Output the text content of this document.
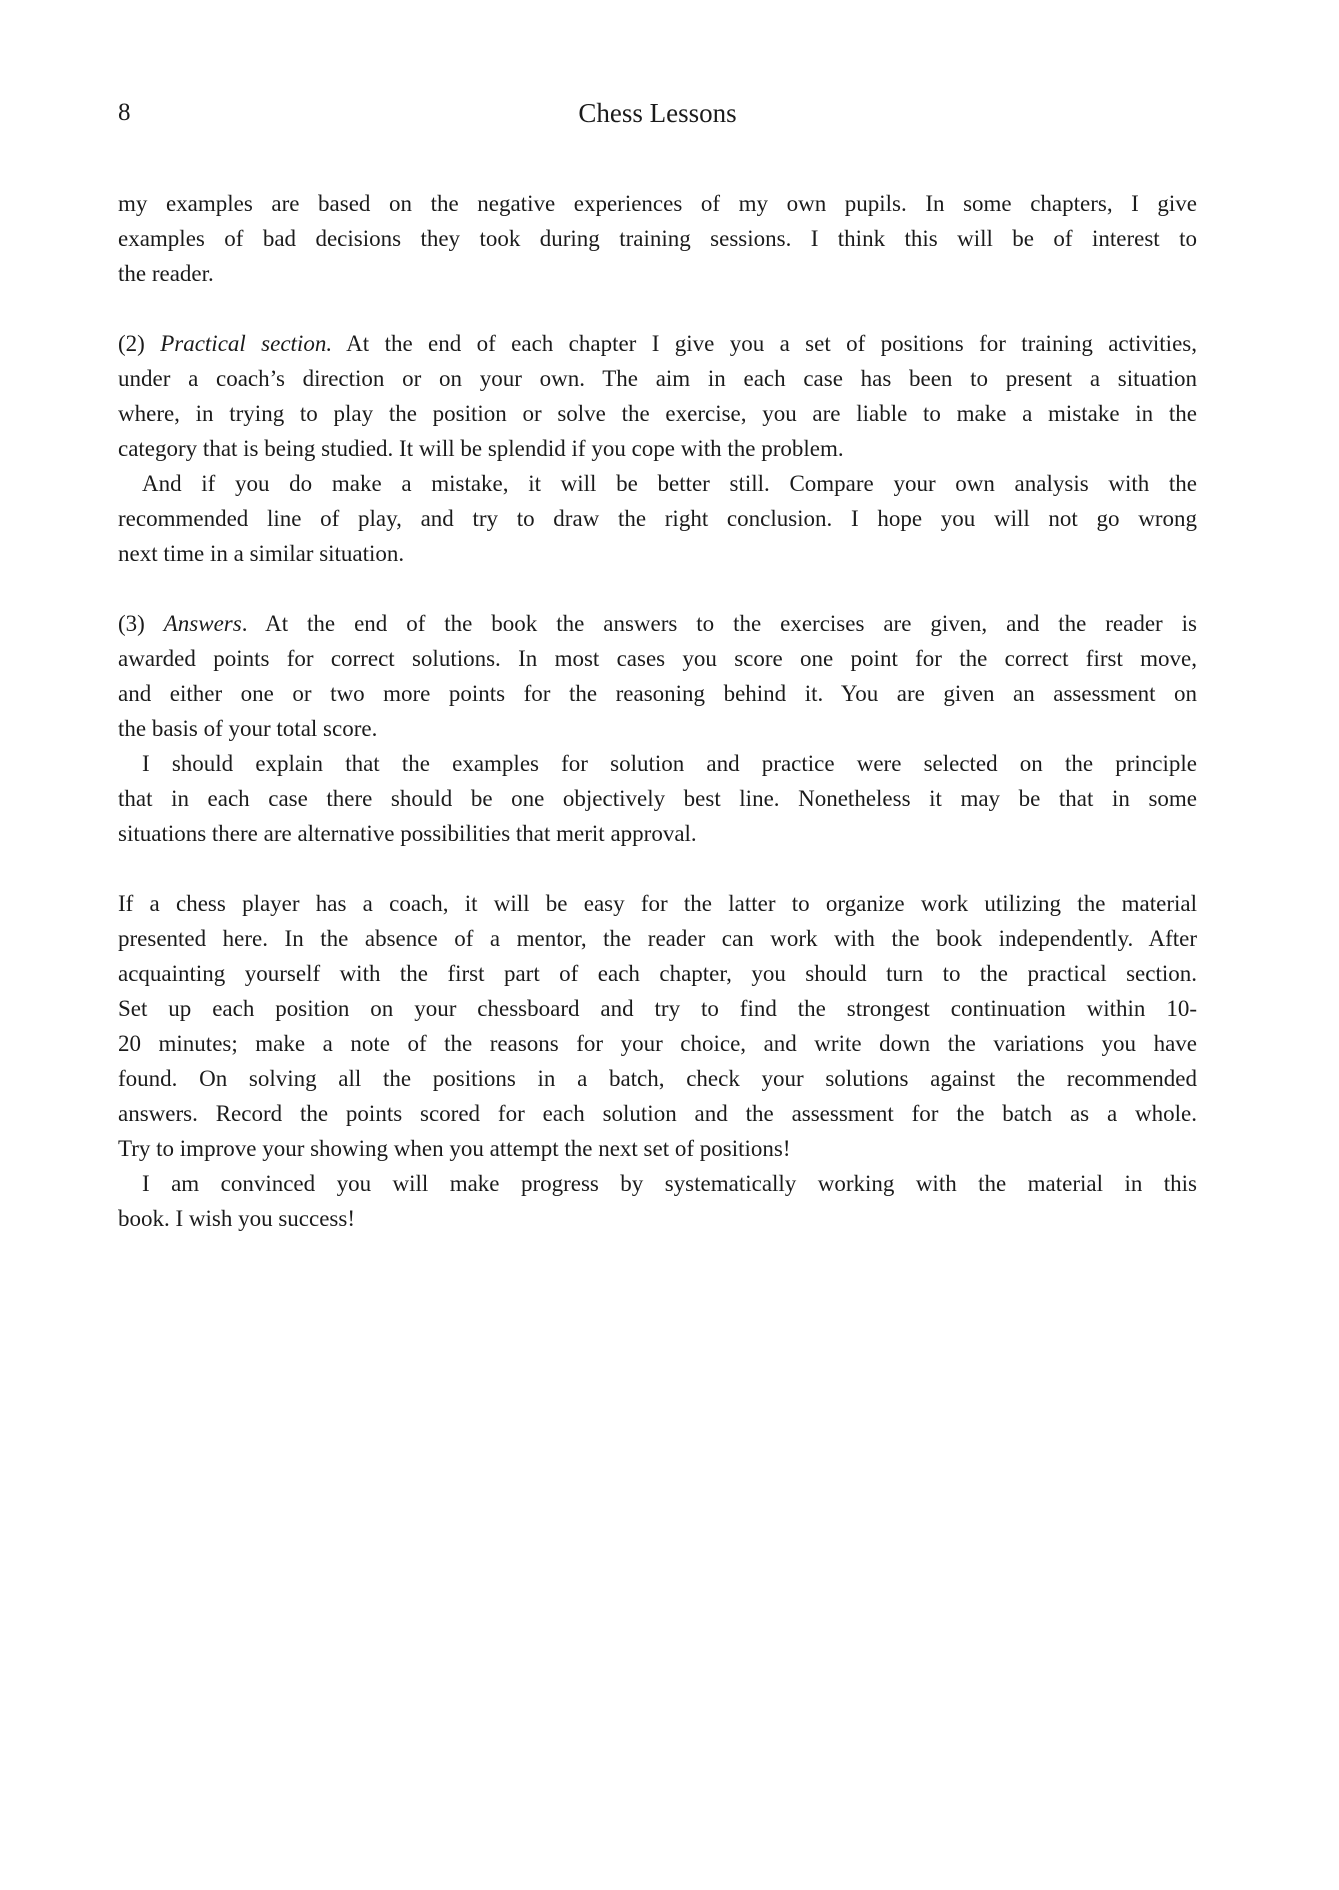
8	Chess Lessons
my examples are based on the negative experiences of my own pupils. In some chapters, I give
examples of bad decisions they took during training sessions. I think this will be of interest to
the reader.
(2) Practical section. At the end of each chapter I give you a set of positions for training activities,
under a coach’s direction or on your own. The aim in each case has been to present a situation
where, in trying to play the position or solve the exercise, you are liable to make a mistake in the
category that is being studied. It will be splendid if you cope with the problem.
And if you do make a mistake, it will be better still. Compare your own analysis with the
recommended line of play, and try to draw the right conclusion. I hope you will not go wrong
next time in a similar situation.
(3) Answers. At the end of the book the answers to the exercises are given, and the reader is
awarded points for correct solutions. In most cases you score one point for the correct first move,
and either one or two more points for the reasoning behind it. You are given an assessment on
the basis of your total score.
I should explain that the examples for solution and practice were selected on the principle
that in each case there should be one objectively best line. Nonetheless it may be that in some
situations there are alternative possibilities that merit approval.
If a chess player has a coach, it will be easy for the latter to organize work utilizing the material
presented here. In the absence of a mentor, the reader can work with the book independently. After
acquainting yourself with the first part of each chapter, you should turn to the practical section.
Set up each position on your chessboard and try to find the strongest continuation within 10-
20 minutes; make a note of the reasons for your choice, and write down the variations you have
found. On solving all the positions in a batch, check your solutions against the recommended
answers. Record the points scored for each solution and the assessment for the batch as a whole.
Try to improve your showing when you attempt the next set of positions!
I am convinced you will make progress by systematically working with the material in this
book. I wish you success!
